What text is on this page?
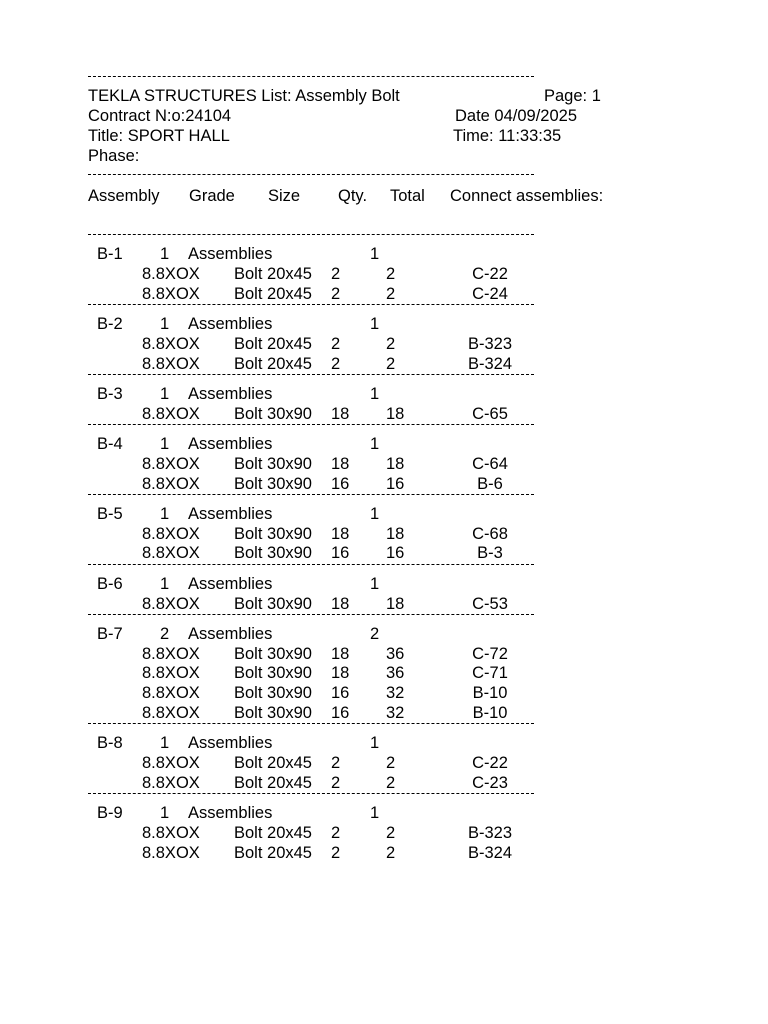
TEKLA STRUCTURES List: Assembly Bolt	Page: 1
Contract N:o:24104	Date 04/09/2025
Title: SPORT HALL	Time: 11:33:35
Phase:
Assembly Grade Size Qty. Total Connect assemblies:
B-1 1 Assemblies	1
8.8XOX Bolt 20x45 2	2	C-22
8.8XOX Bolt 20x45 2	2	C-24
B-2 1 Assemblies	1
8.8XOX Bolt 20x45 2	2	B-323
8.8XOX Bolt 20x45 2	2	B-324
B-3 1 Assemblies	1
8.8XOX Bolt 30x90 18 18	C-65
B-4 1 Assemblies	1
8.8XOX Bolt 30x90 18 18	C-64
8.8XOX Bolt 30x90 16 16	B-6
B-5 1 Assemblies	1
8.8XOX Bolt 30x90 18 18	C-68
8.8XOX Bolt 30x90 16 16	B-3
B-6 1 Assemblies	1
8.8XOX Bolt 30x90 18 18	C-53
B-7 2 Assemblies	2
8.8XOX Bolt 30x90 18 36	C-72
8.8XOX Bolt 30x90 18 36	C-71
8.8XOX Bolt 30x90 16 32	B-10
8.8XOX Bolt 30x90 16 32	B-10
B-8 1 Assemblies	1
8.8XOX Bolt 20x45 2	2	C-22
8.8XOX Bolt 20x45 2	2	C-23
B-9 1 Assemblies	1
8.8XOX Bolt 20x45 2	2	B-323
8.8XOX Bolt 20x45 2	2	B-324
